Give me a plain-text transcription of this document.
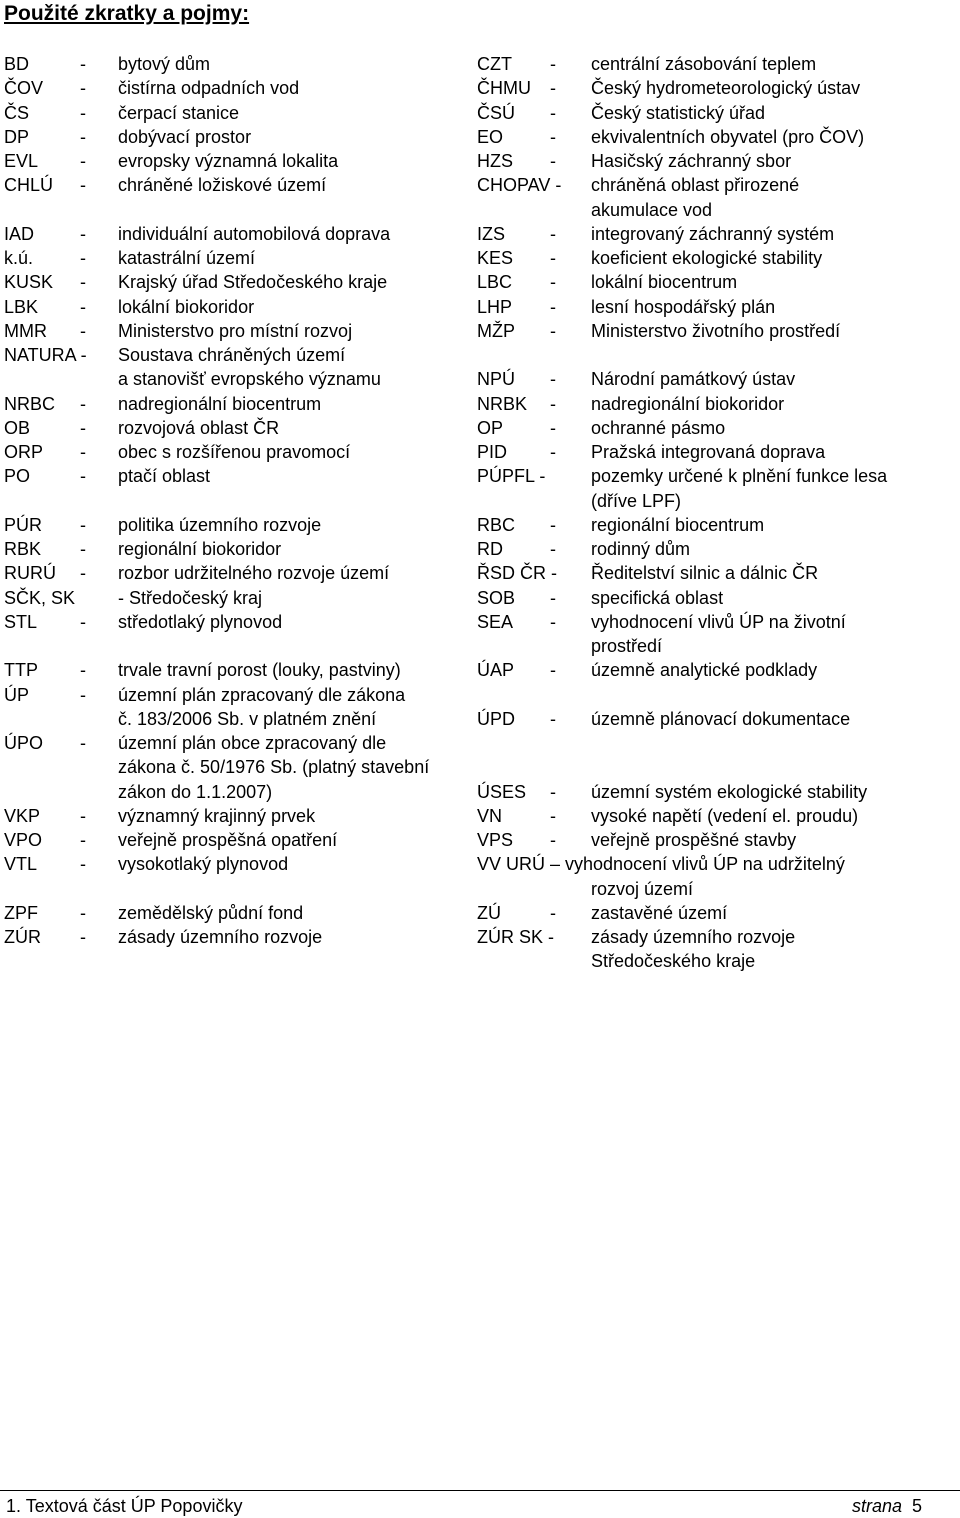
Použité zkratky a pojmy:
BD	- bytový dům	CZT - centrální zásobování teplem
ČOV - čistírna odpadních vod	ČHMU - Český hydrometeorologický ústav
ČS	- čerpací stanice	ČSÚ - Český statistický úřad
DP	- dobývací prostor	EO	- ekvivalentních obyvatel (pro ČOV)
EVL - evropsky významná lokalita	HZS - Hasičský záchranný sbor
CHLÚ - chráněné ložiskové území	CHOPAV - chráněná oblast přirozené
akumulace vod
IAD	- individuální automobilová doprava	IZS - integrovaný záchranný systém
k.ú.	- katastrální území	KES - koeficient ekologické stability
KUSK - Krajský úřad Středočeského kraje	LBC - lokální biocentrum
LBK - lokální biokoridor	LHP - lesní hospodářský plán
MMR - Ministerstvo pro místní rozvoj	MŽP - Ministerstvo životního prostředí
NATURA - Soustava chráněných území
a stanovišť evropského významu	NPÚ - Národní památkový ústav
NRBC - nadregionální biocentrum	NRBK - nadregionální biokoridor
OB	- rozvojová oblast ČR	OP	- ochranné pásmo
ORP - obec s rozšířenou pravomocí	PID - Pražská integrovaná doprava
PO	- ptačí oblast	PÚPFL -	pozemky určené k plnění funkce lesa
(dříve LPF)
PÚR - politika územního rozvoje	RBC - regionální biocentrum
RBK - regionální biokoridor	RD	- rodinný dům
RURÚ - rozbor udržitelného rozvoje území	ŘSD ČR - Ředitelství silnic a dálnic ČR
SČK, SK - Středočeský kraj	SOB - specifická oblast
STL - středotlaký plynovod	SEA - vyhodnocení vlivů ÚP na životní
prostředí
TTP - trvale travní porost (louky, pastviny)	ÚAP - územně analytické podklady
ÚP	- územní plán zpracovaný dle zákona
č. 183/2006 Sb. v platném znění	ÚPD - územně plánovací dokumentace
ÚPO - územní plán obce zpracovaný dle
zákona č. 50/1976 Sb. (platný stavební
zákon do 1.1.2007)	ÚSES - územní systém ekologické stability
VKP - významný krajinný prvek	VN	- vysoké napětí (vedení el. proudu)
VPO - veřejně prospěšná opatření	VPS - veřejně prospěšné stavby
VTL - vysokotlaký plynovod	VV URÚ – vyhodnocení vlivů ÚP na udržitelný
rozvoj území
ZPF - zemědělský půdní fond	ZÚ	- zastavěné území
ZÚR - zásady územního rozvoje	ZÚR SK - zásady územního rozvoje
Středočeského kraje
1. Textová část ÚP Popovičky	strana 5
